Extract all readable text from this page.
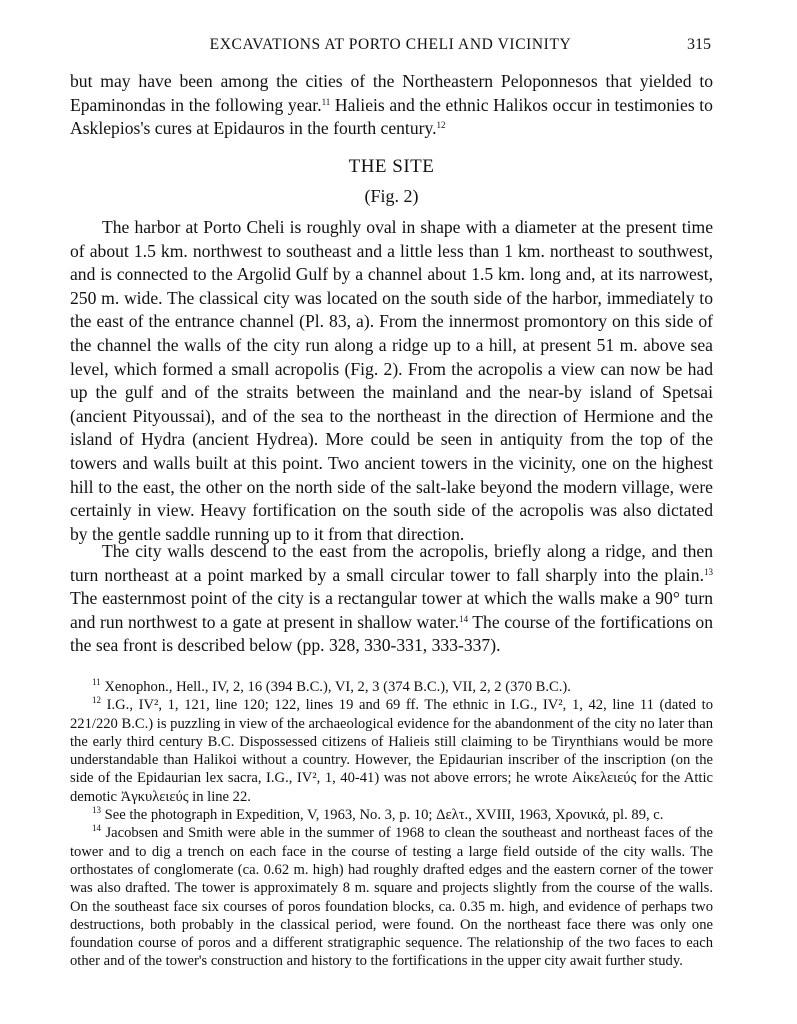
EXCAVATIONS AT PORTO CHELI AND VICINITY	315

but may have been among the cities of the Northeastern Peloponnesos that yielded to Epaminondas in the following year.$^{11}$ Halieis and the ethnic Halikos occur in testimonies to Asklepios's cures at Epidauros in the fourth century.$^{12}$

THE SITE
(Fig. 2)

The harbor at Porto Cheli is roughly oval in shape with a diameter at the present time of about 1.5 km. northwest to southeast and a little less than 1 km. northeast to southwest, and is connected to the Argolid Gulf by a channel about 1.5 km. long and, at its narrowest, 250 m. wide. The classical city was located on the south side of the harbor, immediately to the east of the entrance channel (Pl. 83, a). From the innermost promontory on this side of the channel the walls of the city run along a ridge up to a hill, at present 51 m. above sea level, which formed a small acropolis (Fig. 2). From the acropolis a view can now be had up the gulf and of the straits between the mainland and the near-by island of Spetsai (ancient Pityoussai), and of the sea to the northeast in the direction of Hermione and the island of Hydra (ancient Hydrea). More could be seen in antiquity from the top of the towers and walls built at this point. Two ancient towers in the vicinity, one on the highest hill to the east, the other on the north side of the salt-lake beyond the modern village, were certainly in view. Heavy fortification on the south side of the acropolis was also dictated by the gentle saddle running up to it from that direction.

The city walls descend to the east from the acropolis, briefly along a ridge, and then turn northeast at a point marked by a small circular tower to fall sharply into the plain.$^{13}$ The easternmost point of the city is a rectangular tower at which the walls make a 90° turn and run northwest to a gate at present in shallow water.$^{14}$ The course of the fortifications on the sea front is described below (pp. 328, 330-331, 333-337).

$^{11}$ Xenophon., Hell., IV, 2, 16 (394 B.C.), VI, 2, 3 (374 B.C.), VII, 2, 2 (370 B.C.).

$^{12}$ I.G., IV², 1, 121, line 120; 122, lines 19 and 69 ff. The ethnic in I.G., IV², 1, 42, line 11 (dated to 221/220 B.C.) is puzzling in view of the archaeological evidence for the abandonment of the city no later than the early third century B.C. Dispossessed citizens of Halieis still claiming to be Tirynthians would be more understandable than Halikoi without a country. However, the Epidaurian inscriber of the inscription (on the side of the Epidaurian lex sacra, I.G., IV², 1, 40-41) was not above errors; he wrote Αἰκελειεύς for the Attic demotic Ἀγκυλειεύς in line 22.

$^{13}$ See the photograph in Expedition, V, 1963, No. 3, p. 10; Δελτ., XVIII, 1963, Χρονικά, pl. 89, c.

$^{14}$ Jacobsen and Smith were able in the summer of 1968 to clean the southeast and northeast faces of the tower and to dig a trench on each face in the course of testing a large field outside of the city walls. The orthostates of conglomerate (ca. 0.62 m. high) had roughly drafted edges and the eastern corner of the tower was also drafted. The tower is approximately 8 m. square and projects slightly from the course of the walls. On the southeast face six courses of poros foundation blocks, ca. 0.35 m. high, and evidence of perhaps two destructions, both probably in the classical period, were found. On the northeast face there was only one foundation course of poros and a different stratigraphic sequence. The relationship of the two faces to each other and of the tower's construction and history to the fortifications in the upper city await further study.
